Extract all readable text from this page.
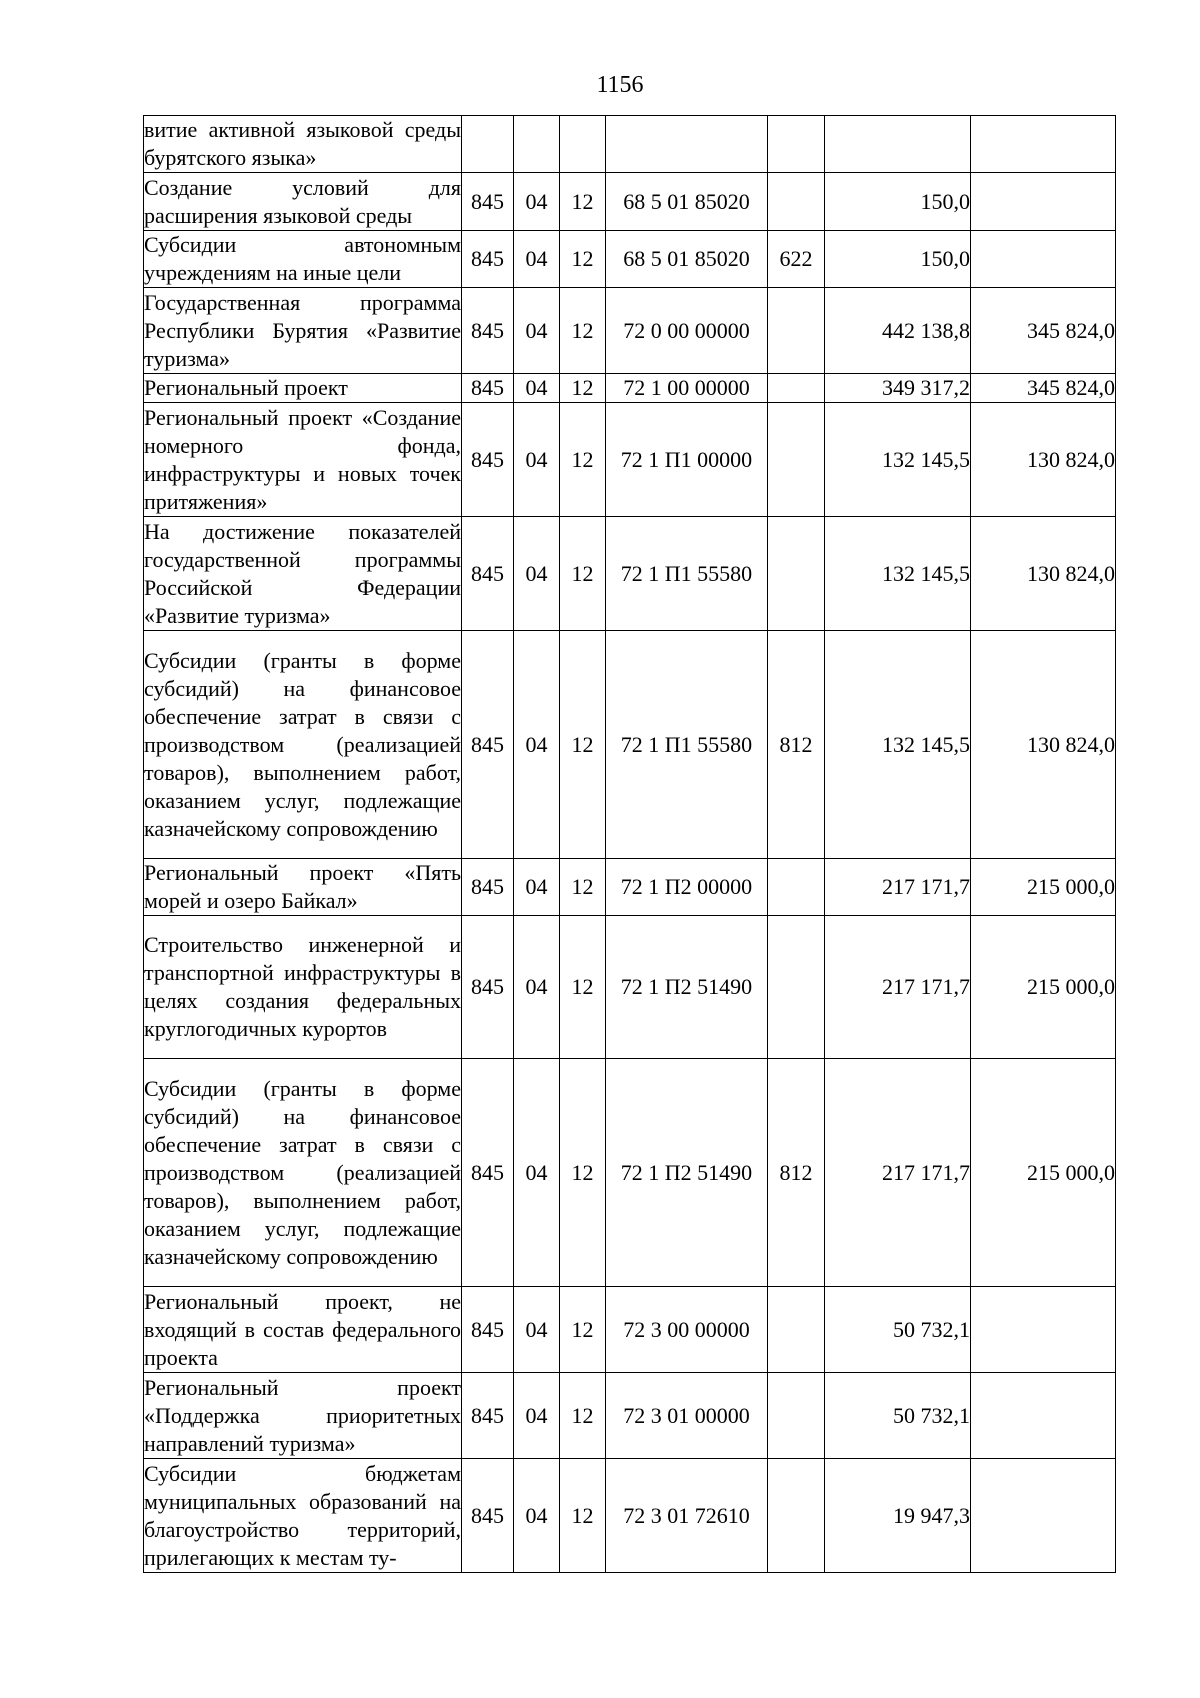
1156
витие активной языковой среды бурятского языка»							
Создание условий для расширения языковой среды	845	04	12	68 5 01 85020		150,0	
Субсидии автономным учреждениям на иные цели	845	04	12	68 5 01 85020	622	150,0	
Государственная программа Республики Бурятия «Развитие туризма»	845	04	12	72 0 00 00000		442 138,8	345 824,0
Региональный проект	845	04	12	72 1 00 00000		349 317,2	345 824,0
Региональный проект «Создание номерного фонда, инфраструктуры и новых точек притяжения»	845	04	12	72 1 П1 00000		132 145,5	130 824,0
На достижение показателей государственной программы Российской Федерации «Развитие туризма»	845	04	12	72 1 П1 55580		132 145,5	130 824,0
Субсидии (гранты в форме субсидий) на финансовое обеспечение затрат в связи с производством (реализацией товаров), выполнением работ, оказанием услуг, подлежащие казначейскому сопровождению	845	04	12	72 1 П1 55580	812	132 145,5	130 824,0
Региональный проект «Пять морей и озеро Байкал»	845	04	12	72 1 П2 00000		217 171,7	215 000,0
Строительство инженерной и транспортной инфраструктуры в целях создания федеральных круглогодичных курортов	845	04	12	72 1 П2 51490		217 171,7	215 000,0
Субсидии (гранты в форме субсидий) на финансовое обеспечение затрат в связи с производством (реализацией товаров), выполнением работ, оказанием услуг, подлежащие казначейскому сопровождению	845	04	12	72 1 П2 51490	812	217 171,7	215 000,0
Региональный проект, не входящий в состав федерального проекта	845	04	12	72 3 00 00000		50 732,1	
Региональный проект «Поддержка приоритетных направлений туризма»	845	04	12	72 3 01 00000		50 732,1	
Субсидии бюджетам муниципальных образований на благоустройство территорий, прилегающих к местам ту-	845	04	12	72 3 01 72610		19 947,3	
